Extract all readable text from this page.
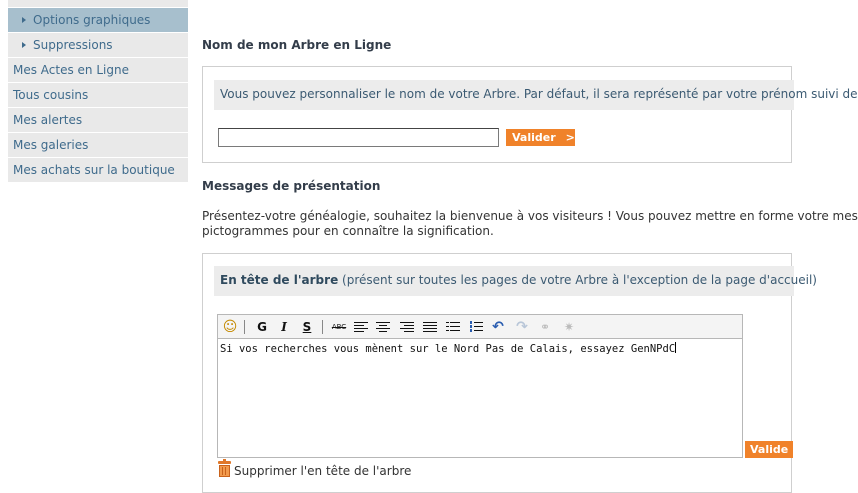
Options graphiques
Suppressions
Mes Actes en Ligne
Tous cousins
Mes alertes
Mes galeries
Mes achats sur la boutique
Nom de mon Arbre en Ligne
Vous pouvez personnaliser le nom de votre Arbre. Par défaut, il sera représenté par votre prénom suivi de
Valider >
Messages de présentation
Présentez-votre généalogie, souhaitez la bienvenue à vos visiteurs ! Vous pouvez mettre en forme votre mes
pictogrammes pour en connaître la signification.
En tête de l'arbre (présent sur toutes les pages de votre Arbre à l'exception de la page d'accueil)
☺ G	I	S	ABC	↶ ↷ ⚭ ✷
Si vos recherches vous mènent sur le Nord Pas de Calais, essayez GenNPdC
Valide
Supprimer l'en tête de l'arbre
